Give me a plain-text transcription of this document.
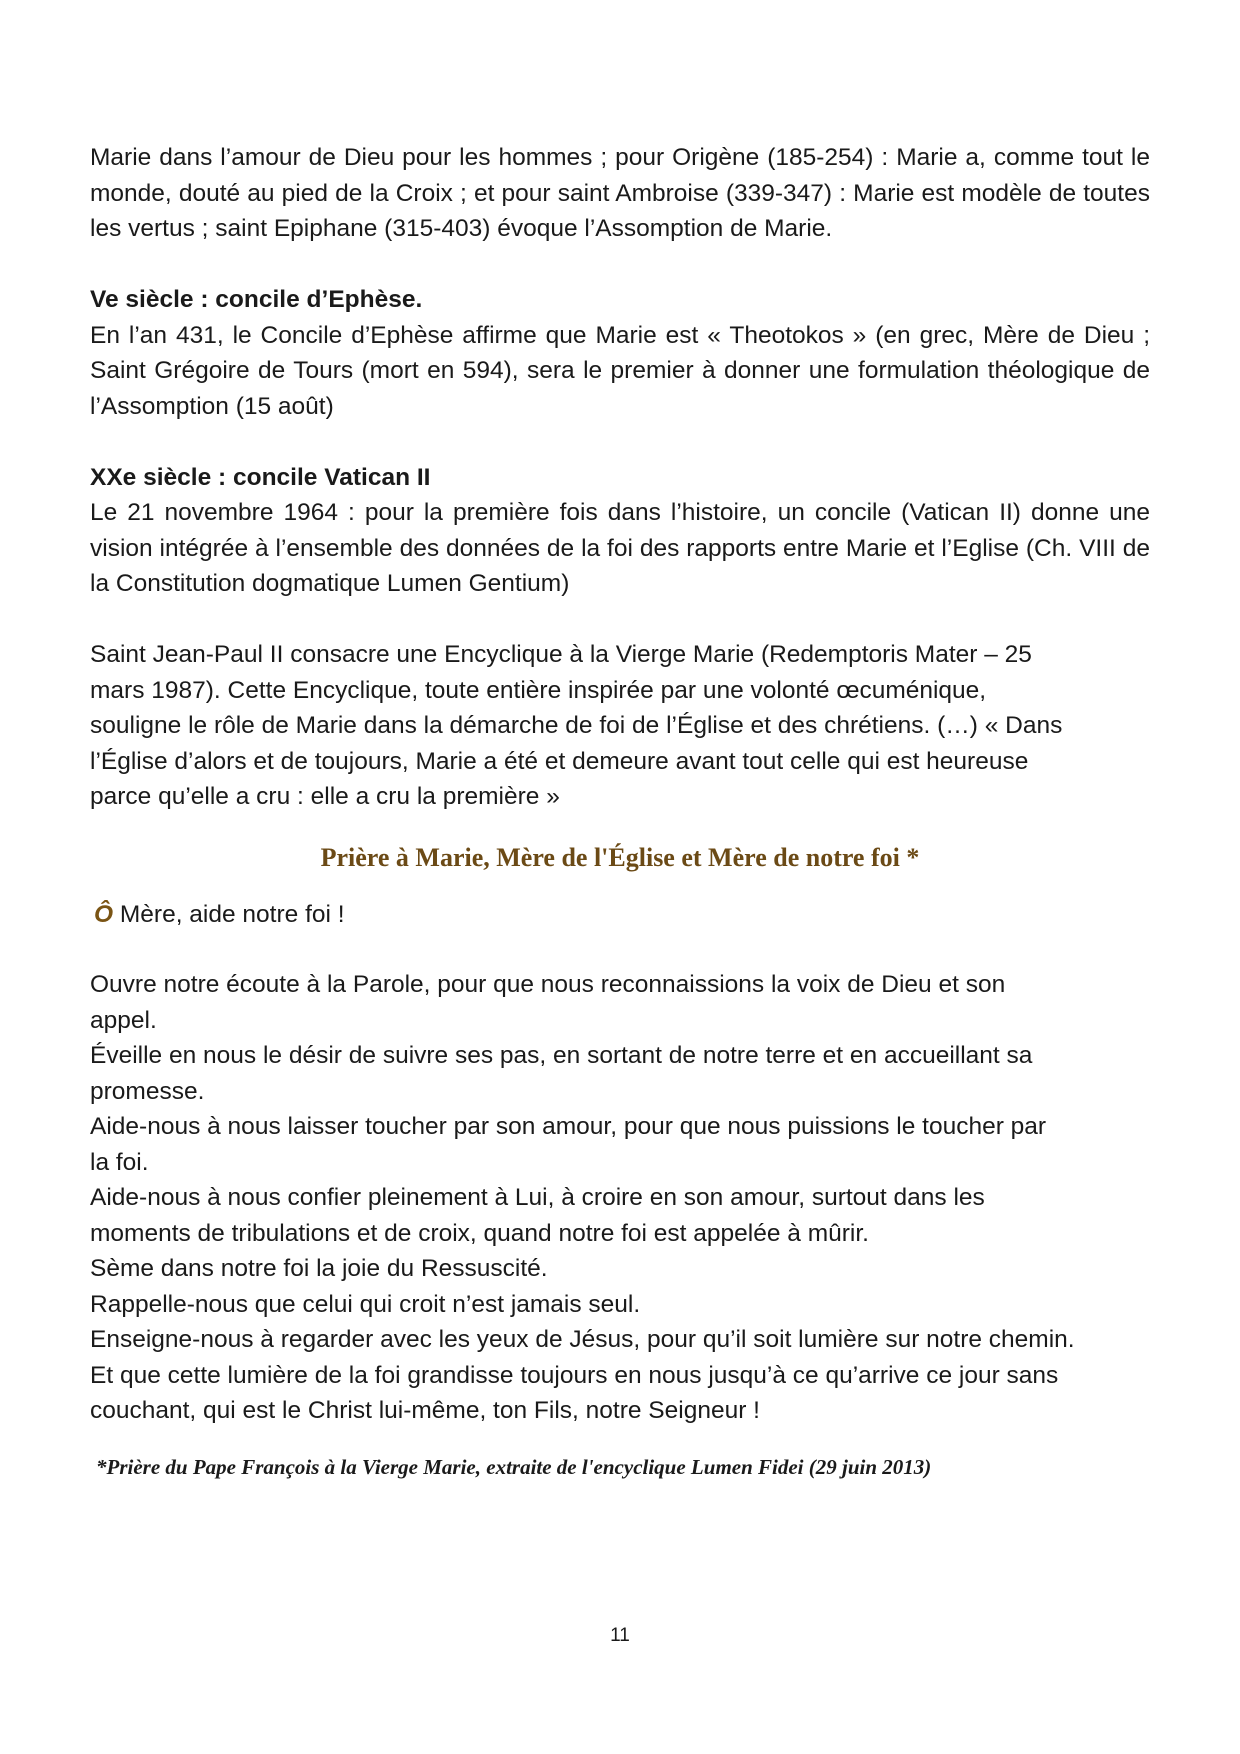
Marie dans l’amour de Dieu pour les hommes ; pour Origène (185-254) : Marie a, comme tout le monde, douté au pied de la Croix ; et pour saint Ambroise (339-347) : Marie est modèle de toutes les vertus ; saint Epiphane (315-403) évoque l’Assomption de Marie.

Ve siècle : concile d’Ephèse.

En l’an 431, le Concile d’Ephèse affirme que Marie est « Theotokos » (en grec, Mère de Dieu ; Saint Grégoire de Tours (mort en 594), sera le premier à donner une formulation théologique de l’Assomption (15 août)

XXe siècle : concile Vatican II

Le 21 novembre 1964 : pour la première fois dans l’histoire, un concile (Vatican II) donne une vision intégrée à l’ensemble des données de la foi des rapports entre Marie et l’Eglise (Ch. VIII de la Constitution dogmatique Lumen Gentium)

Saint Jean-Paul II consacre une Encyclique à la Vierge Marie (Redemptoris Mater – 25

mars 1987). Cette Encyclique, toute entière inspirée par une volonté œcuménique,

souligne le rôle de Marie dans la démarche de foi de l’Église et des chrétiens. (…) « Dans

l’Église d’alors et de toujours, Marie a été et demeure avant tout celle qui est heureuse

parce qu’elle a cru : elle a cru la première »

Prière à Marie, Mère de l'Église et Mère de notre foi *

Ô Mère, aide notre foi !

Ouvre notre écoute à la Parole, pour que nous reconnaissions la voix de Dieu et son

appel.

Éveille en nous le désir de suivre ses pas, en sortant de notre terre et en accueillant sa

promesse.

Aide-nous à nous laisser toucher par son amour, pour que nous puissions le toucher par

la foi.

Aide-nous à nous confier pleinement à Lui, à croire en son amour, surtout dans les

moments de tribulations et de croix, quand notre foi est appelée à mûrir.

Sème dans notre foi la joie du Ressuscité.

Rappelle-nous que celui qui croit n’est jamais seul.

Enseigne-nous à regarder avec les yeux de Jésus, pour qu’il soit lumière sur notre chemin.

Et que cette lumière de la foi grandisse toujours en nous jusqu’à ce qu’arrive ce jour sans

couchant, qui est le Christ lui-même, ton Fils, notre Seigneur !

*Prière du Pape François à la Vierge Marie, extraite de l'encyclique Lumen Fidei (29 juin 2013)

11
